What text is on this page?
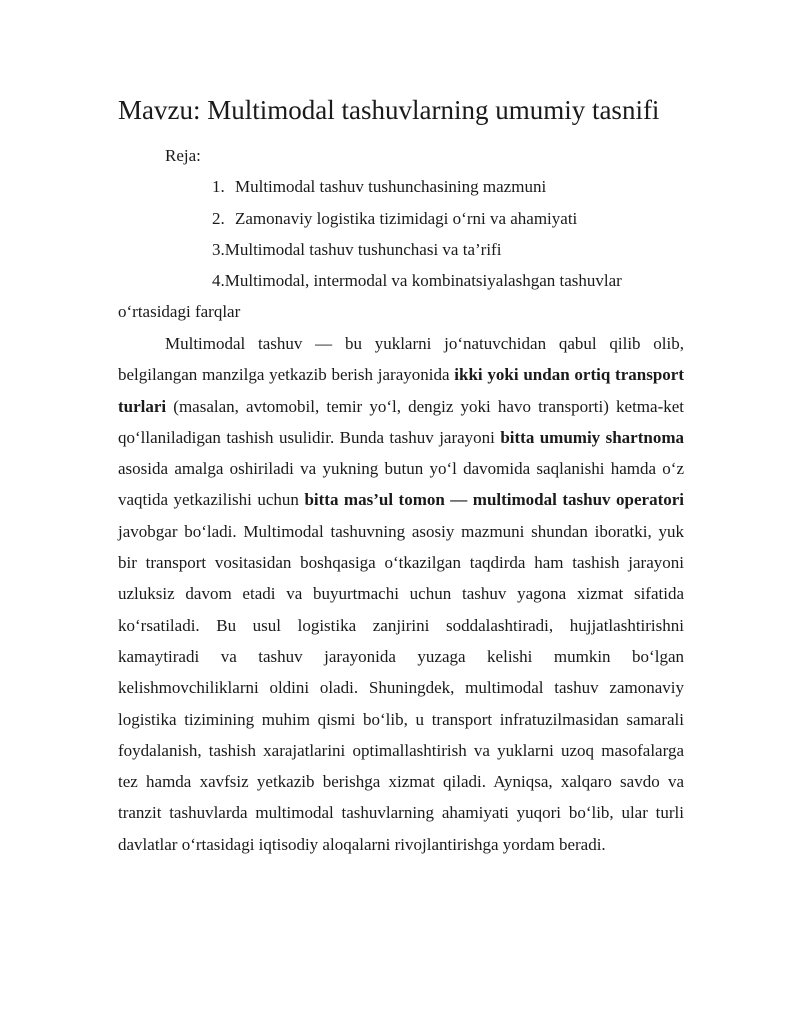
Mavzu: Multimodal tashuvlarning umumiy tasnifi

Reja:

1. Multimodal tashuv tushunchasining mazmuni

2. Zamonaviy logistika tizimidagi o‘rni va ahamiyati

3.Multimodal tashuv tushunchasi va ta’rifi

4.Multimodal, intermodal va kombinatsiyalashgan tashuvlar o‘rtasidagi farqlar

Multimodal tashuv — bu yuklarni jo‘natuvchidan qabul qilib olib, belgilangan manzilga yetkazib berish jarayonida ikki yoki undan ortiq transport turlari (masalan, avtomobil, temir yo‘l, dengiz yoki havo transporti) ketma-ket qo‘llaniladigan tashish usulidir. Bunda tashuv jarayoni bitta umumiy shartnoma asosida amalga oshiriladi va yukning butun yo‘l davomida saqlanishi hamda o‘z vaqtida yetkazilishi uchun bitta mas’ul tomon — multimodal tashuv operatori javobgar bo‘ladi. Multimodal tashuvning asosiy mazmuni shundan iboratki, yuk bir transport vositasidan boshqasiga o‘tkazilgan taqdirda ham tashish jarayoni uzluksiz davom etadi va buyurtmachi uchun tashuv yagona xizmat sifatida ko‘rsatiladi. Bu usul logistika zanjirini soddalashtiradi, hujjatlashtirishni kamaytiradi va tashuv jarayonida yuzaga kelishi mumkin bo‘lgan kelishmovchiliklarni oldini oladi. Shuningdek, multimodal tashuv zamonaviy logistika tizimining muhim qismi bo‘lib, u transport infratuzilmasidan samarali foydalanish, tashish xarajatlarini optimallashtirish va yuklarni uzoq masofalarga tez hamda xavfsiz yetkazib berishga xizmat qiladi. Ayniqsa, xalqaro savdo va tranzit tashuvlarda multimodal tashuvlarning ahamiyati yuqori bo‘lib, ular turli davlatlar o‘rtasidagi iqtisodiy aloqalarni rivojlantirishga yordam beradi.
